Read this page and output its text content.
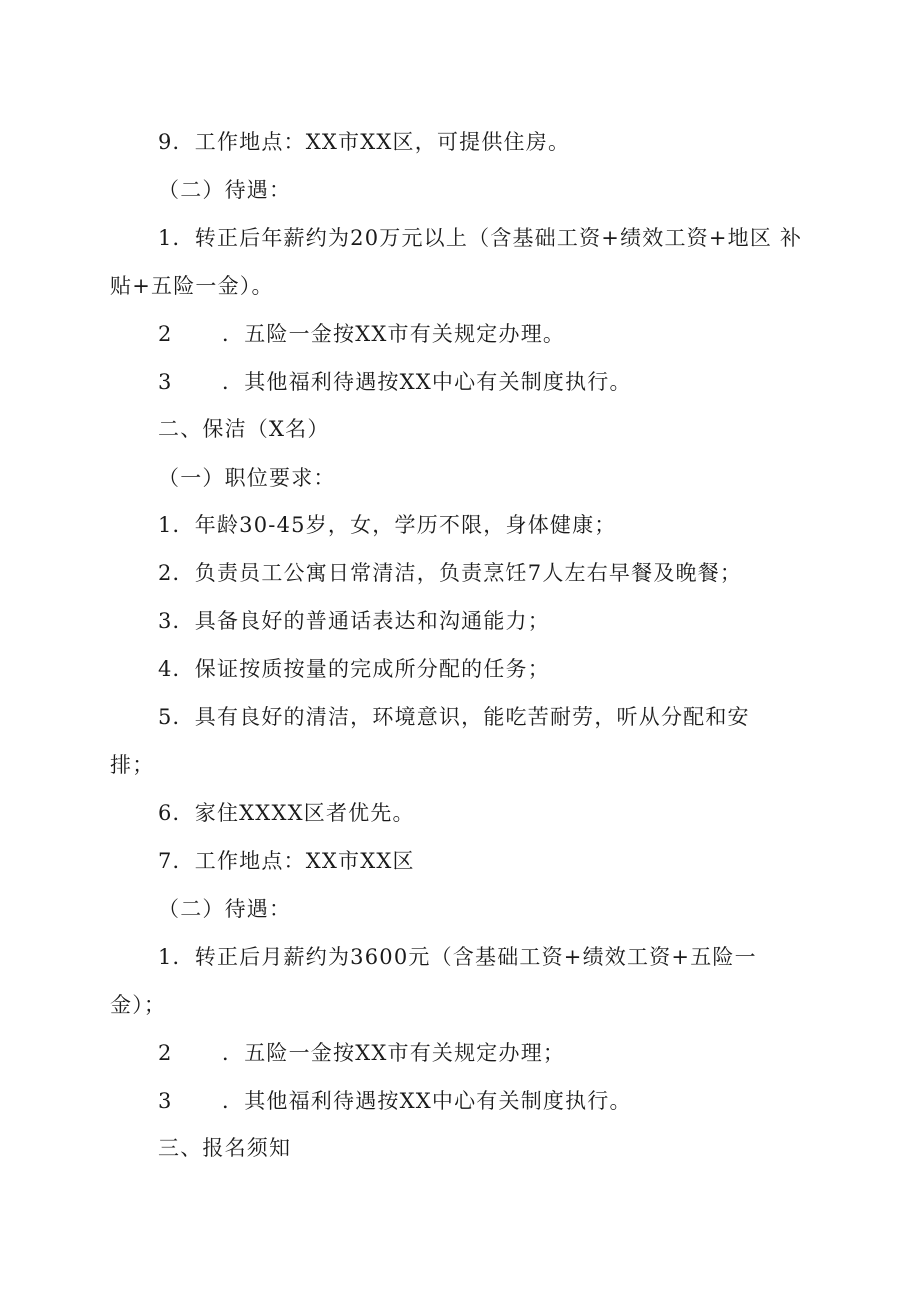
9．工作地点：XX市XX区，可提供住房。
（二）待遇：
1．转正后年薪约为20万元以上（含基础工资+绩效工资+地区 补
贴+五险一金）。
2 ．五险一金按XX市有关规定办理。
3 ．其他福利待遇按XX中心有关制度执行。
二、保洁（X名）
（一）职位要求：
1．年龄30-45岁，女，学历不限，身体健康；
2．负责员工公寓日常清洁，负责烹饪7人左右早餐及晚餐；
3．具备良好的普通话表达和沟通能力；
4．保证按质按量的完成所分配的任务；
5．具有良好的清洁，环境意识，能吃苦耐劳，听从分配和安
排；
6．家住XXXX区者优先。
7．工作地点：XX市XX区
（二）待遇：
1．转正后月薪约为3600元（含基础工资+绩效工资+五险一
金）；
2 ．五险一金按XX市有关规定办理；
3 ．其他福利待遇按XX中心有关制度执行。
三、报名须知
